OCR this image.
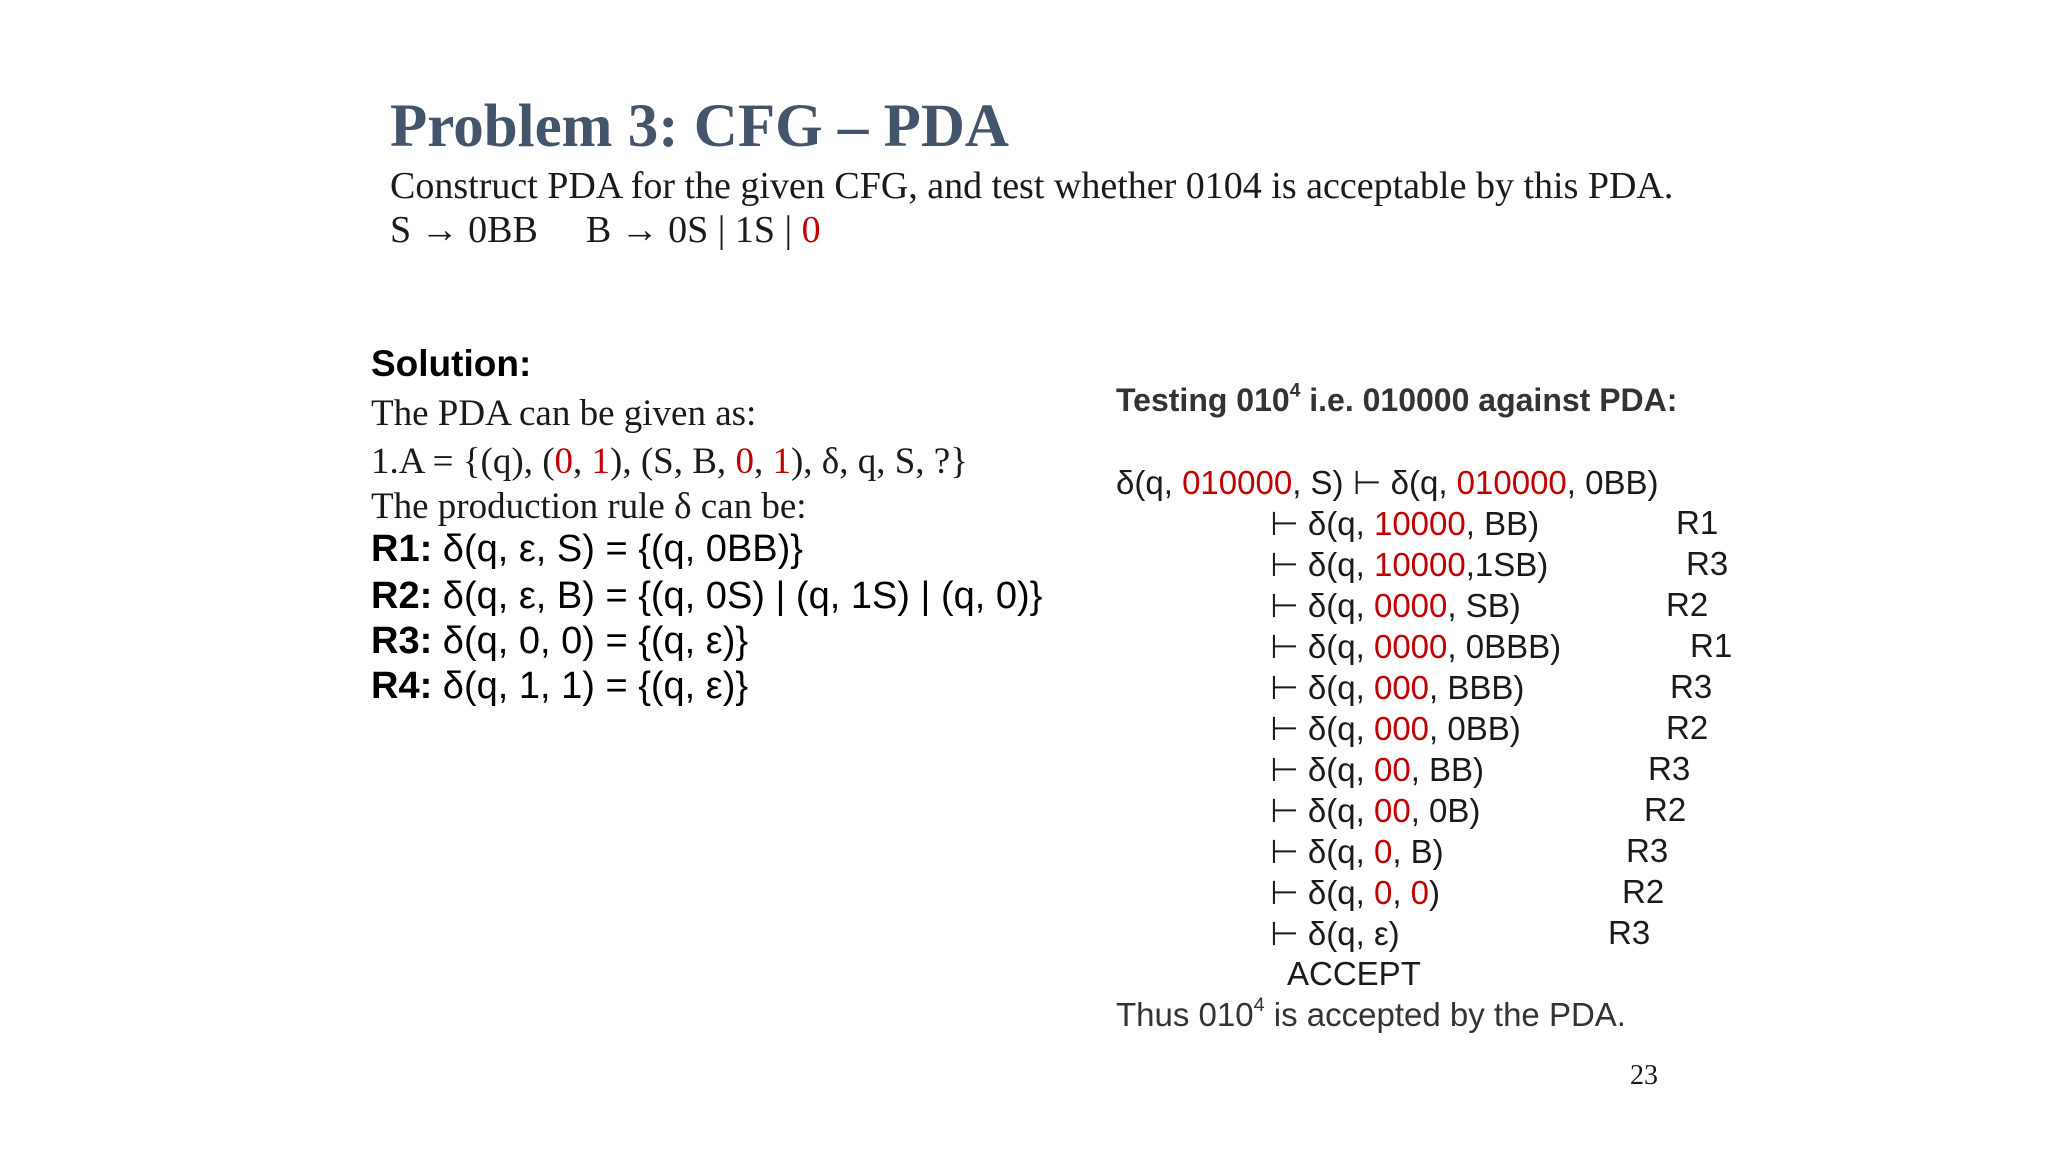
Problem 3: CFG – PDA
Construct PDA for the given CFG, and test whether 0104 is acceptable by this PDA.
S → 0BB B → 0S | 1S | 0
Solution:
The PDA can be given as:
1.A = {(q), (0, 1), (S, B, 0, 1), δ, q, S, ?}
The production rule δ can be:
R1: δ(q, ε, S) = {(q, 0BB)}
R2: δ(q, ε, B) = {(q, 0S) | (q, 1S) | (q, 0)}
R3: δ(q, 0, 0) = {(q, ε)}
R4: δ(q, 1, 1) = {(q, ε)}
Testing $010^4$ i.e. 010000 against PDA:
δ(q, 010000, S) ⊢ δ(q, 010000, 0BB)
⊢ δ(q, 10000, BB)	R1
⊢ δ(q, 10000,1SB)	R3
⊢ δ(q, 0000, SB)	R2
⊢ δ(q, 0000, 0BBB)	R1
⊢ δ(q, 000, BBB)	R3
⊢ δ(q, 000, 0BB)	R2
⊢ δ(q, 00, BB)	R3
⊢ δ(q, 00, 0B)	R2
⊢ δ(q, 0, B)	R3
⊢ δ(q, 0, 0)	R2
⊢ δ(q, ε)	R3
ACCEPT
Thus $010^4$ is accepted by the PDA.
23
